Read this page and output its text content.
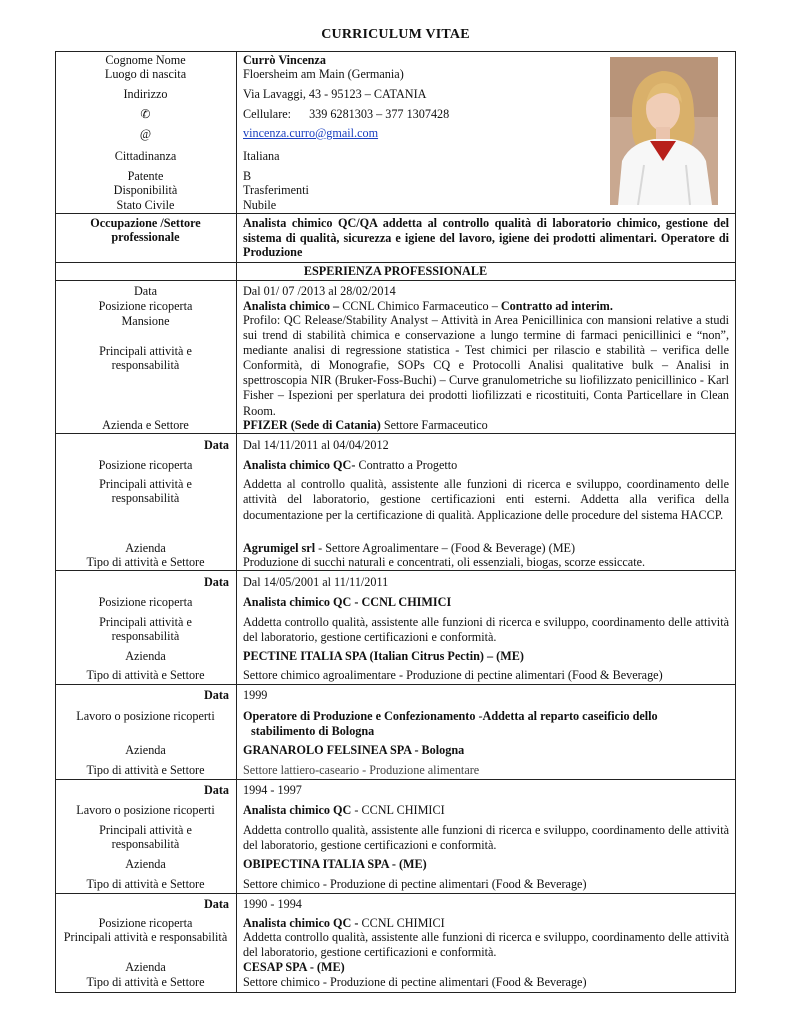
CURRICULUM VITAE
Cognome Nome
Luogo di nascita
Indirizzo
✆
@
Cittadinanza
Patente
Disponibilità
Stato Civile
Currò Vincenza
Floersheim am Main (Germania)
Via Lavaggi, 43 - 95123 – CATANIA
Cellulare: 339 6281303 – 377 1307428
vincenza.curro@gmail.com
Italiana
B
Trasferimenti
Nubile
Occupazione /Settore
professionale
Analista chimico QC/QA addetta al controllo qualità di laboratorio chimico, gestione del sistema di qualità, sicurezza e igiene del lavoro, igiene dei prodotti alimentari. Operatore di Produzione
ESPERIENZA PROFESSIONALE
Data
Posizione ricoperta
Mansione
Principali attività e
responsabilità
Azienda e Settore
Dal 01/ 07 /2013 al 28/02/2014
Analista chimico – CCNL Chimico Farmaceutico – Contratto ad interim.
Profilo: QC Release/Stability Analyst – Attività in Area Penicillinica con mansioni relative a studi sui trend di stabilità chimica e conservazione a lungo termine di farmaci penicillinici e “non”, mediante analisi di regressione statistica - Test chimici per rilascio e stabilità – verifica delle Conformità, di Monografie, SOPs CQ e Protocolli Analisi qualitative bulk – Analisi in spettroscopia NIR (Bruker-Foss-Buchi) – Curve granulometriche su liofilizzato penicillinico - Karl Fisher – Ispezioni per sperlatura dei prodotti liofilizzati e ricostituiti, Conta Particellare in Clean Room.
PFIZER (Sede di Catania) Settore Farmaceutico
Data
Posizione ricoperta
Principali attività e
responsabilità
Azienda
Tipo di attività e Settore
Dal 14/11/2011 al 04/04/2012
Analista chimico QC- Contratto a Progetto
Addetta al controllo qualità, assistente alle funzioni di ricerca e sviluppo, coordinamento delle attività del laboratorio, gestione certificazioni enti esterni. Addetta alla verifica della documentazione per la certificazione di qualità. Applicazione delle procedure del sistema HACCP.
Agrumigel srl - Settore Agroalimentare – (Food & Beverage) (ME)
Produzione di succhi naturali e concentrati, oli essenziali, biogas, scorze essiccate.
Data
Posizione ricoperta
Principali attività e
responsabilità
Azienda
Tipo di attività e Settore
Dal 14/05/2001 al 11/11/2011
Analista chimico QC - CCNL CHIMICI
Addetta controllo qualità, assistente alle funzioni di ricerca e sviluppo, coordinamento delle attività del laboratorio, gestione certificazioni e conformità.
PECTINE ITALIA SPA (Italian Citrus Pectin) – (ME)
Settore chimico agroalimentare - Produzione di pectine alimentari (Food & Beverage)
Data
Lavoro o posizione ricoperti
Azienda
Tipo di attività e Settore
1999
Operatore di Produzione e Confezionamento -Addetta al reparto caseificio dello
stabilimento di Bologna
GRANAROLO FELSINEA SPA - Bologna
Settore lattiero-caseario - Produzione alimentare
Data
Lavoro o posizione ricoperti
Principali attività e
responsabilità
Azienda
Tipo di attività e Settore
1994 - 1997
Analista chimico QC - CCNL CHIMICI
Addetta controllo qualità, assistente alle funzioni di ricerca e sviluppo, coordinamento delle attività del laboratorio, gestione certificazioni e conformità.
OBIPECTINA ITALIA SPA - (ME)
Settore chimico - Produzione di pectine alimentari (Food & Beverage)
Data
Posizione ricoperta
Principali attività e responsabilità
Azienda
Tipo di attività e Settore
1990 - 1994
Analista chimico QC - CCNL CHIMICI
Addetta controllo qualità, assistente alle funzioni di ricerca e sviluppo, coordinamento delle attività del laboratorio, gestione certificazioni e conformità.
CESAP SPA - (ME)
Settore chimico - Produzione di pectine alimentari (Food & Beverage)
